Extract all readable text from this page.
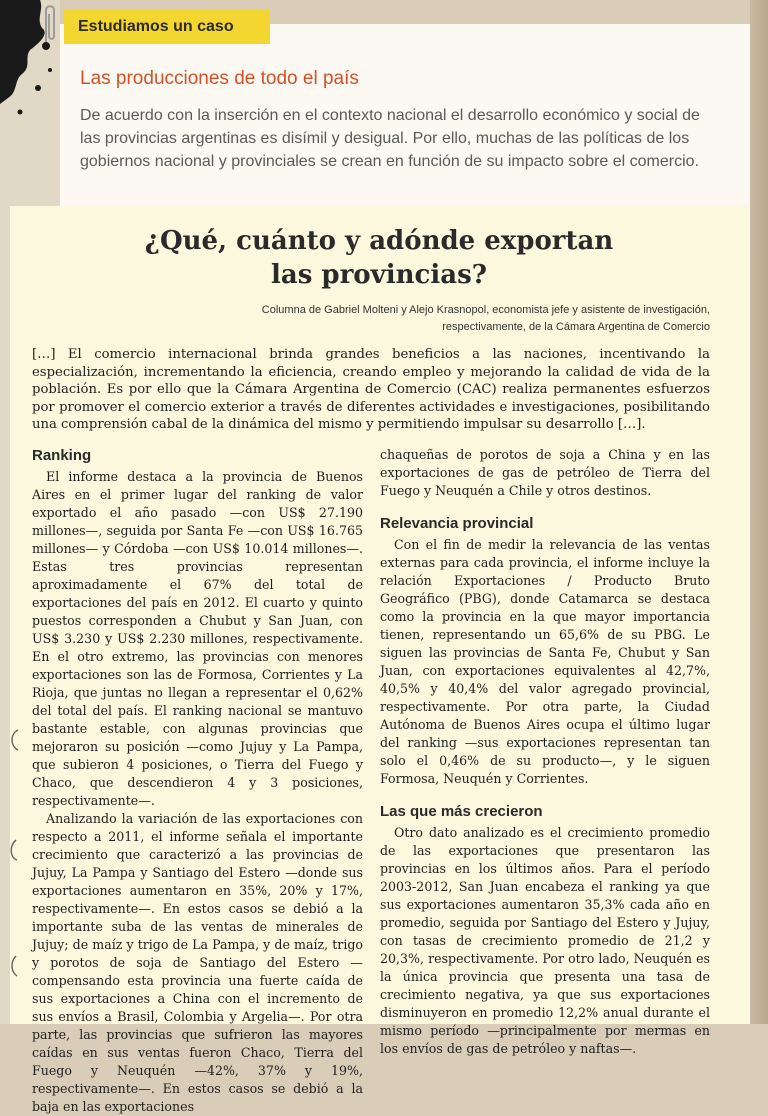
Estudiamos un caso
Las producciones de todo el país
De acuerdo con la inserción en el contexto nacional el desarrollo económico y social de las provincias argentinas es disímil y desigual. Por ello, muchas de las políticas de los gobiernos nacional y provinciales se crean en función de su impacto sobre el comercio.
¿Qué, cuánto y adónde exportan
las provincias?
Columna de Gabriel Molteni y Alejo Krasnopol, economista jefe y asistente de investigación,
respectivamente, de la Cámara Argentina de Comercio
[…] El comercio internacional brinda grandes beneficios a las naciones, incentivando la especialización, incrementando la eficiencia, creando empleo y mejorando la calidad de vida de la población. Es por ello que la Cámara Argentina de Comercio (CAC) realiza permanentes esfuerzos por promover el comercio exterior a través de diferentes actividades e investigaciones, posibilitando una comprensión cabal de la dinámica del mismo y permitiendo impulsar su desarrollo […].
Ranking

El informe destaca a la provincia de Buenos Aires en el primer lugar del ranking de valor exportado el año pasado —con US$ 27.190 millones—, seguida por Santa Fe —con US$ 16.765 millones— y Córdoba —con US$ 10.014 millones—. Estas tres provincias representan aproximadamente el 67% del total de exportaciones del país en 2012. El cuarto y quinto puestos corresponden a Chubut y San Juan, con US$ 3.230 y US$ 2.230 millones, respectivamente. En el otro extremo, las provincias con menores exportaciones son las de Formosa, Corrientes y La Rioja, que juntas no llegan a representar el 0,62% del total del país. El ranking nacional se mantuvo bastante estable, con algunas provincias que mejoraron su posición —como Jujuy y La Pampa, que subieron 4 posiciones, o Tierra del Fuego y Chaco, que descendieron 4 y 3 posiciones, respectivamente—.

Analizando la variación de las exportaciones con respecto a 2011, el informe señala el importante crecimiento que caracterizó a las provincias de Jujuy, La Pampa y Santiago del Estero —donde sus exportaciones aumentaron en 35%, 20% y 17%, respectivamente—. En estos casos se debió a la importante suba de las ventas de minerales de Jujuy; de maíz y trigo de La Pampa, y de maíz, trigo y porotos de soja de Santiago del Estero —compensando esta provincia una fuerte caída de sus exportaciones a China con el incremento de sus envíos a Brasil, Colombia y Argelia—. Por otra parte, las provincias que sufrieron las mayores caídas en sus ventas fueron Chaco, Tierra del Fuego y Neuquén —42%, 37% y 19%, respectivamente—. En estos casos se debió a la baja en las exportaciones

chaqueñas de porotos de soja a China y en las exportaciones de gas de petróleo de Tierra del Fuego y Neuquén a Chile y otros destinos.

Relevancia provincial

Con el fin de medir la relevancia de las ventas externas para cada provincia, el informe incluye la relación Exportaciones / Producto Bruto Geográfico (PBG), donde Catamarca se destaca como la provincia en la que mayor importancia tienen, representando un 65,6% de su PBG. Le siguen las provincias de Santa Fe, Chubut y San Juan, con exportaciones equivalentes al 42,7%, 40,5% y 40,4% del valor agregado provincial, respectivamente. Por otra parte, la Ciudad Autónoma de Buenos Aires ocupa el último lugar del ranking —sus exportaciones representan tan solo el 0,46% de su producto—, y le siguen Formosa, Neuquén y Corrientes.

Las que más crecieron

Otro dato analizado es el crecimiento promedio de las exportaciones que presentaron las provincias en los últimos años. Para el período 2003-2012, San Juan encabeza el ranking ya que sus exportaciones aumentaron 35,3% cada año en promedio, seguida por Santiago del Estero y Jujuy, con tasas de crecimiento promedio de 21,2 y 20,3%, respectivamente. Por otro lado, Neuquén es la única provincia que presenta una tasa de crecimiento negativa, ya que sus exportaciones disminuyeron en promedio 12,2% anual durante el mismo período —principalmente por mermas en los envíos de gas de petróleo y naftas—.
